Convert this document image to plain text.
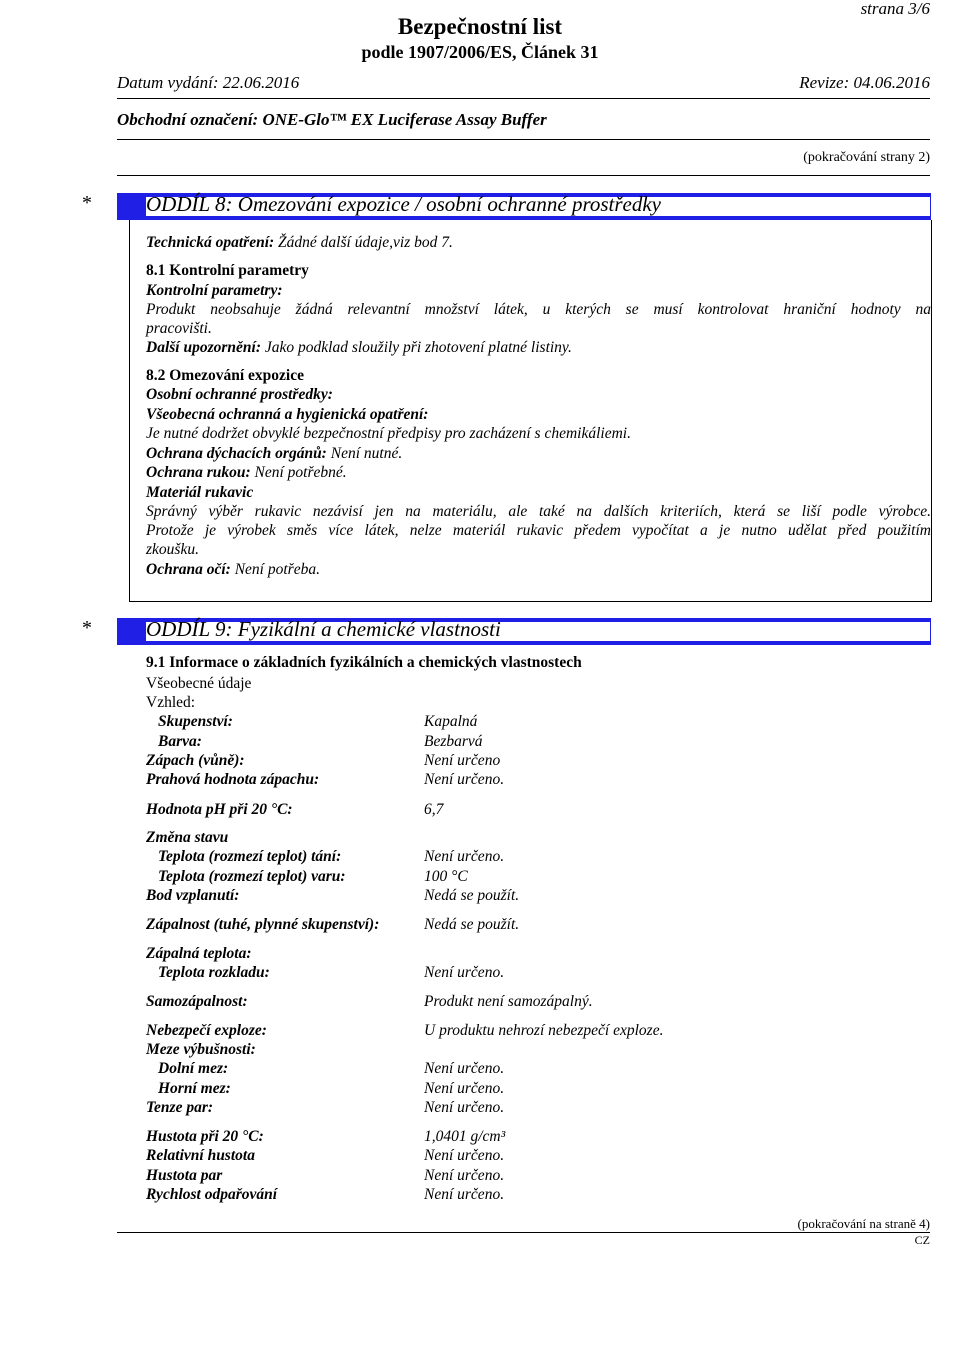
strana 3/6
Bezpečnostní list
podle 1907/2006/ES, Článek 31
Datum vydání: 22.06.2016	Revize: 04.06.2016
Obchodní označení: ONE-Glo™ EX Luciferase Assay Buffer
(pokračování strany 2)
*	ODDÍL 8: Omezování expozice / osobní ochranné prostředky
Technická opatření: Žádné další údaje,viz bod 7.
8.1 Kontrolní parametry
Kontrolní parametry:
Produkt neobsahuje žádná relevantní množství látek, u kterých se musí kontrolovat hraniční hodnoty na
pracovišti.
Další upozornění: Jako podklad sloužily při zhotovení platné listiny.
8.2 Omezování expozice
Osobní ochranné prostředky:
Všeobecná ochranná a hygienická opatření:
Je nutné dodržet obvyklé bezpečnostní předpisy pro zacházení s chemikáliemi.
Ochrana dýchacích orgánů: Není nutné.
Ochrana rukou: Není potřebné.
Materiál rukavic
Správný výběr rukavic nezávisí jen na materiálu, ale také na dalších kriteriích, která se liší podle výrobce.
Protože je výrobek směs více látek, nelze materiál rukavic předem vypočítat a je nutno udělat před použitím
zkoušku.
Ochrana očí: Není potřeba.
*	ODDÍL 9: Fyzikální a chemické vlastnosti
9.1 Informace o základních fyzikálních a chemických vlastnostech
Všeobecné údaje
Vzhled:
Skupenství:	Kapalná
Barva:	Bezbarvá
Zápach (vůně):	Není určeno
Prahová hodnota zápachu:	Není určeno.
Hodnota pH při 20 °C:	6,7
Změna stavu
Teplota (rozmezí teplot) tání:	Není určeno.
Teplota (rozmezí teplot) varu:	100 °C
Bod vzplanutí:	Nedá se použít.
Zápalnost (tuhé, plynné skupenství):	Nedá se použít.
Zápalná teplota:
Teplota rozkladu:	Není určeno.
Samozápalnost:	Produkt není samozápalný.
Nebezpečí exploze:	U produktu nehrozí nebezpečí exploze.
Meze výbušnosti:
Dolní mez:	Není určeno.
Horní mez:	Není určeno.
Tenze par:	Není určeno.
Hustota při 20 °C:	1,0401 g/cm³
Relativní hustota	Není určeno.
Hustota par	Není určeno.
Rychlost odpařování	Není určeno.
(pokračování na straně 4)
CZ
